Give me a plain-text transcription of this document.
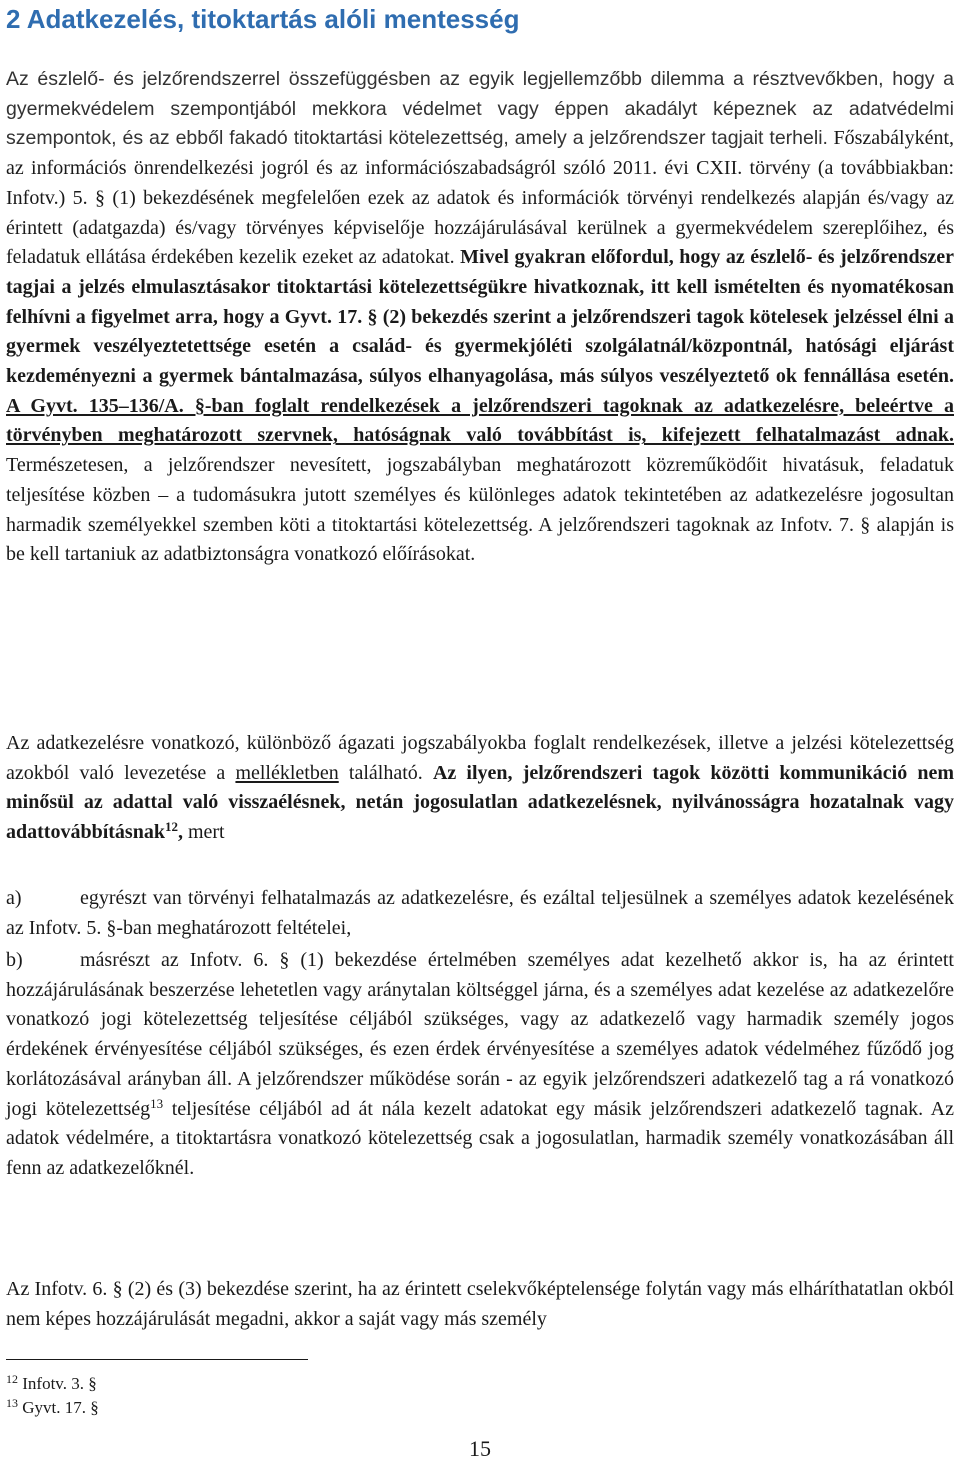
2 Adatkezelés, titoktartás alóli mentesség
Az észlelő- és jelzőrendszerrel összefüggésben az egyik legjellemzőbb dilemma a résztvevőkben, hogy a gyermekvédelem szempontjából mekkora védelmet vagy éppen akadályt képeznek az adatvédelmi szempontok, és az ebből fakadó titoktartási kötelezettség, amely a jelzőrendszer tagjait terheli. Főszabályként, az információs önrendelkezési jogról és az információszabadságról szóló 2011. évi CXII. törvény (a továbbiakban: Infotv.) 5. § (1) bekezdésének megfelelően ezek az adatok és információk törvényi rendelkezés alapján és/vagy az érintett (adatgazda) és/vagy törvényes képviselője hozzájárulásával kerülnek a gyermekvédelem szereplőihez, és feladatuk ellátása érdekében kezelik ezeket az adatokat. Mivel gyakran előfordul, hogy az észlelő- és jelzőrendszer tagjai a jelzés elmulasztásakor titoktartási kötelezettségükre hivatkoznak, itt kell ismételten és nyomatékosan felhívni a figyelmet arra, hogy a Gyvt. 17. § (2) bekezdés szerint a jelzőrendszeri tagok kötelesek jelzéssel élni a gyermek veszélyeztetettsége esetén a család- és gyermekjóléti szolgálatnál/központnál, hatósági eljárást kezdeményezni a gyermek bántalmazása, súlyos elhanyagolása, más súlyos veszélyeztető ok fennállása esetén. A Gyvt. 135–136/A. §-ban foglalt rendelkezések a jelzőrendszeri tagoknak az adatkezelésre, beleértve a törvényben meghatározott szervnek, hatóságnak való továbbítást is, kifejezett felhatalmazást adnak. Természetesen, a jelzőrendszer nevesített, jogszabályban meghatározott közreműködőit hivatásuk, feladatuk teljesítése közben – a tudomásukra jutott személyes és különleges adatok tekintetében az adatkezelésre jogosultan harmadik személyekkel szemben köti a titoktartási kötelezettség. A jelzőrendszeri tagoknak az Infotv. 7. § alapján is be kell tartaniuk az adatbiztonságra vonatkozó előírásokat.
Az adatkezelésre vonatkozó, különböző ágazati jogszabályokba foglalt rendelkezések, illetve a jelzési kötelezettség azokból való levezetése a mellékletben található. Az ilyen, jelzőrendszeri tagok közötti kommunikáció nem minősül az adattal való visszaélésnek, netán jogosulatlan adatkezelésnek, nyilvánosságra hozatalnak vagy adattovábbításnak$^{12}$, mert
a)	egyrészt van törvényi felhatalmazás az adatkezelésre, és ezáltal teljesülnek a személyes adatok kezelésének az Infotv. 5. §-ban meghatározott feltételei,
b)	másrészt az Infotv. 6. § (1) bekezdése értelmében személyes adat kezelhető akkor is, ha az érintett hozzájárulásának beszerzése lehetetlen vagy aránytalan költséggel járna, és a személyes adat kezelése az adatkezelőre vonatkozó jogi kötelezettség teljesítése céljából szükséges, vagy az adatkezelő vagy harmadik személy jogos érdekének érvényesítése céljából szükséges, és ezen érdek érvényesítése a személyes adatok védelméhez fűződő jog korlátozásával arányban áll. A jelzőrendszer működése során - az egyik jelzőrendszeri adatkezelő tag a rá vonatkozó jogi kötelezettség$^{13}$ teljesítése céljából ad át nála kezelt adatokat egy másik jelzőrendszeri adatkezelő tagnak. Az adatok védelmére, a titoktartásra vonatkozó kötelezettség csak a jogosulatlan, harmadik személy vonatkozásában áll fenn az adatkezelőknél.
Az Infotv. 6. § (2) és (3) bekezdése szerint, ha az érintett cselekvőképtelensége folytán vagy más elháríthatatlan okból nem képes hozzájárulását megadni, akkor a saját vagy más személy
$^{12}$ Infotv. 3. §
$^{13}$ Gyvt. 17. §
15
